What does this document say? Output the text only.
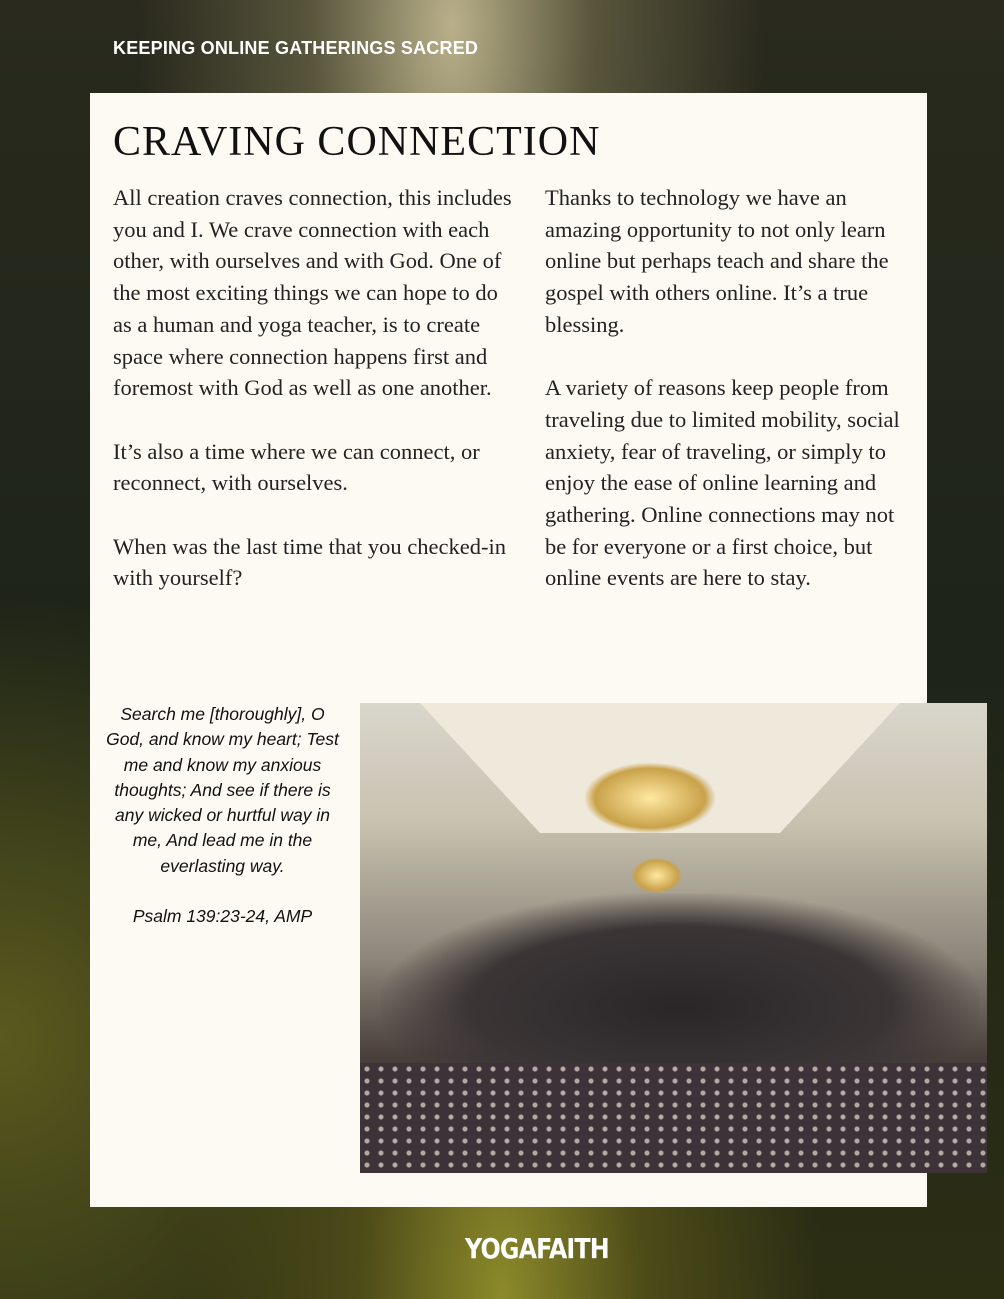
KEEPING ONLINE GATHERINGS SACRED
CRAVING CONNECTION

All creation craves connection, this includes you and I. We crave connection with each other, with ourselves and with God. One of the most exciting things we can hope to do as a human and yoga teacher, is to create space where connection happens first and foremost with God as well as one another.

It’s also a time where we can connect, or reconnect, with ourselves.

When was the last time that you checked-in with yourself?

Thanks to technology we have an amazing opportunity to not only learn online but perhaps teach and share the gospel with others online. It’s a true blessing.

A variety of reasons keep people from traveling due to limited mobility, social anxiety, fear of traveling, or simply to enjoy the ease of online learning and gathering. Online connections may not be for everyone or a first choice, but online events are here to stay.

Search me [thoroughly], O God, and know my heart; Test me and know my anxious thoughts; And see if there is any wicked or hurtful way in me, And lead me in the everlasting way.

Psalm 139:23-24, AMP

YOGAFAITH
